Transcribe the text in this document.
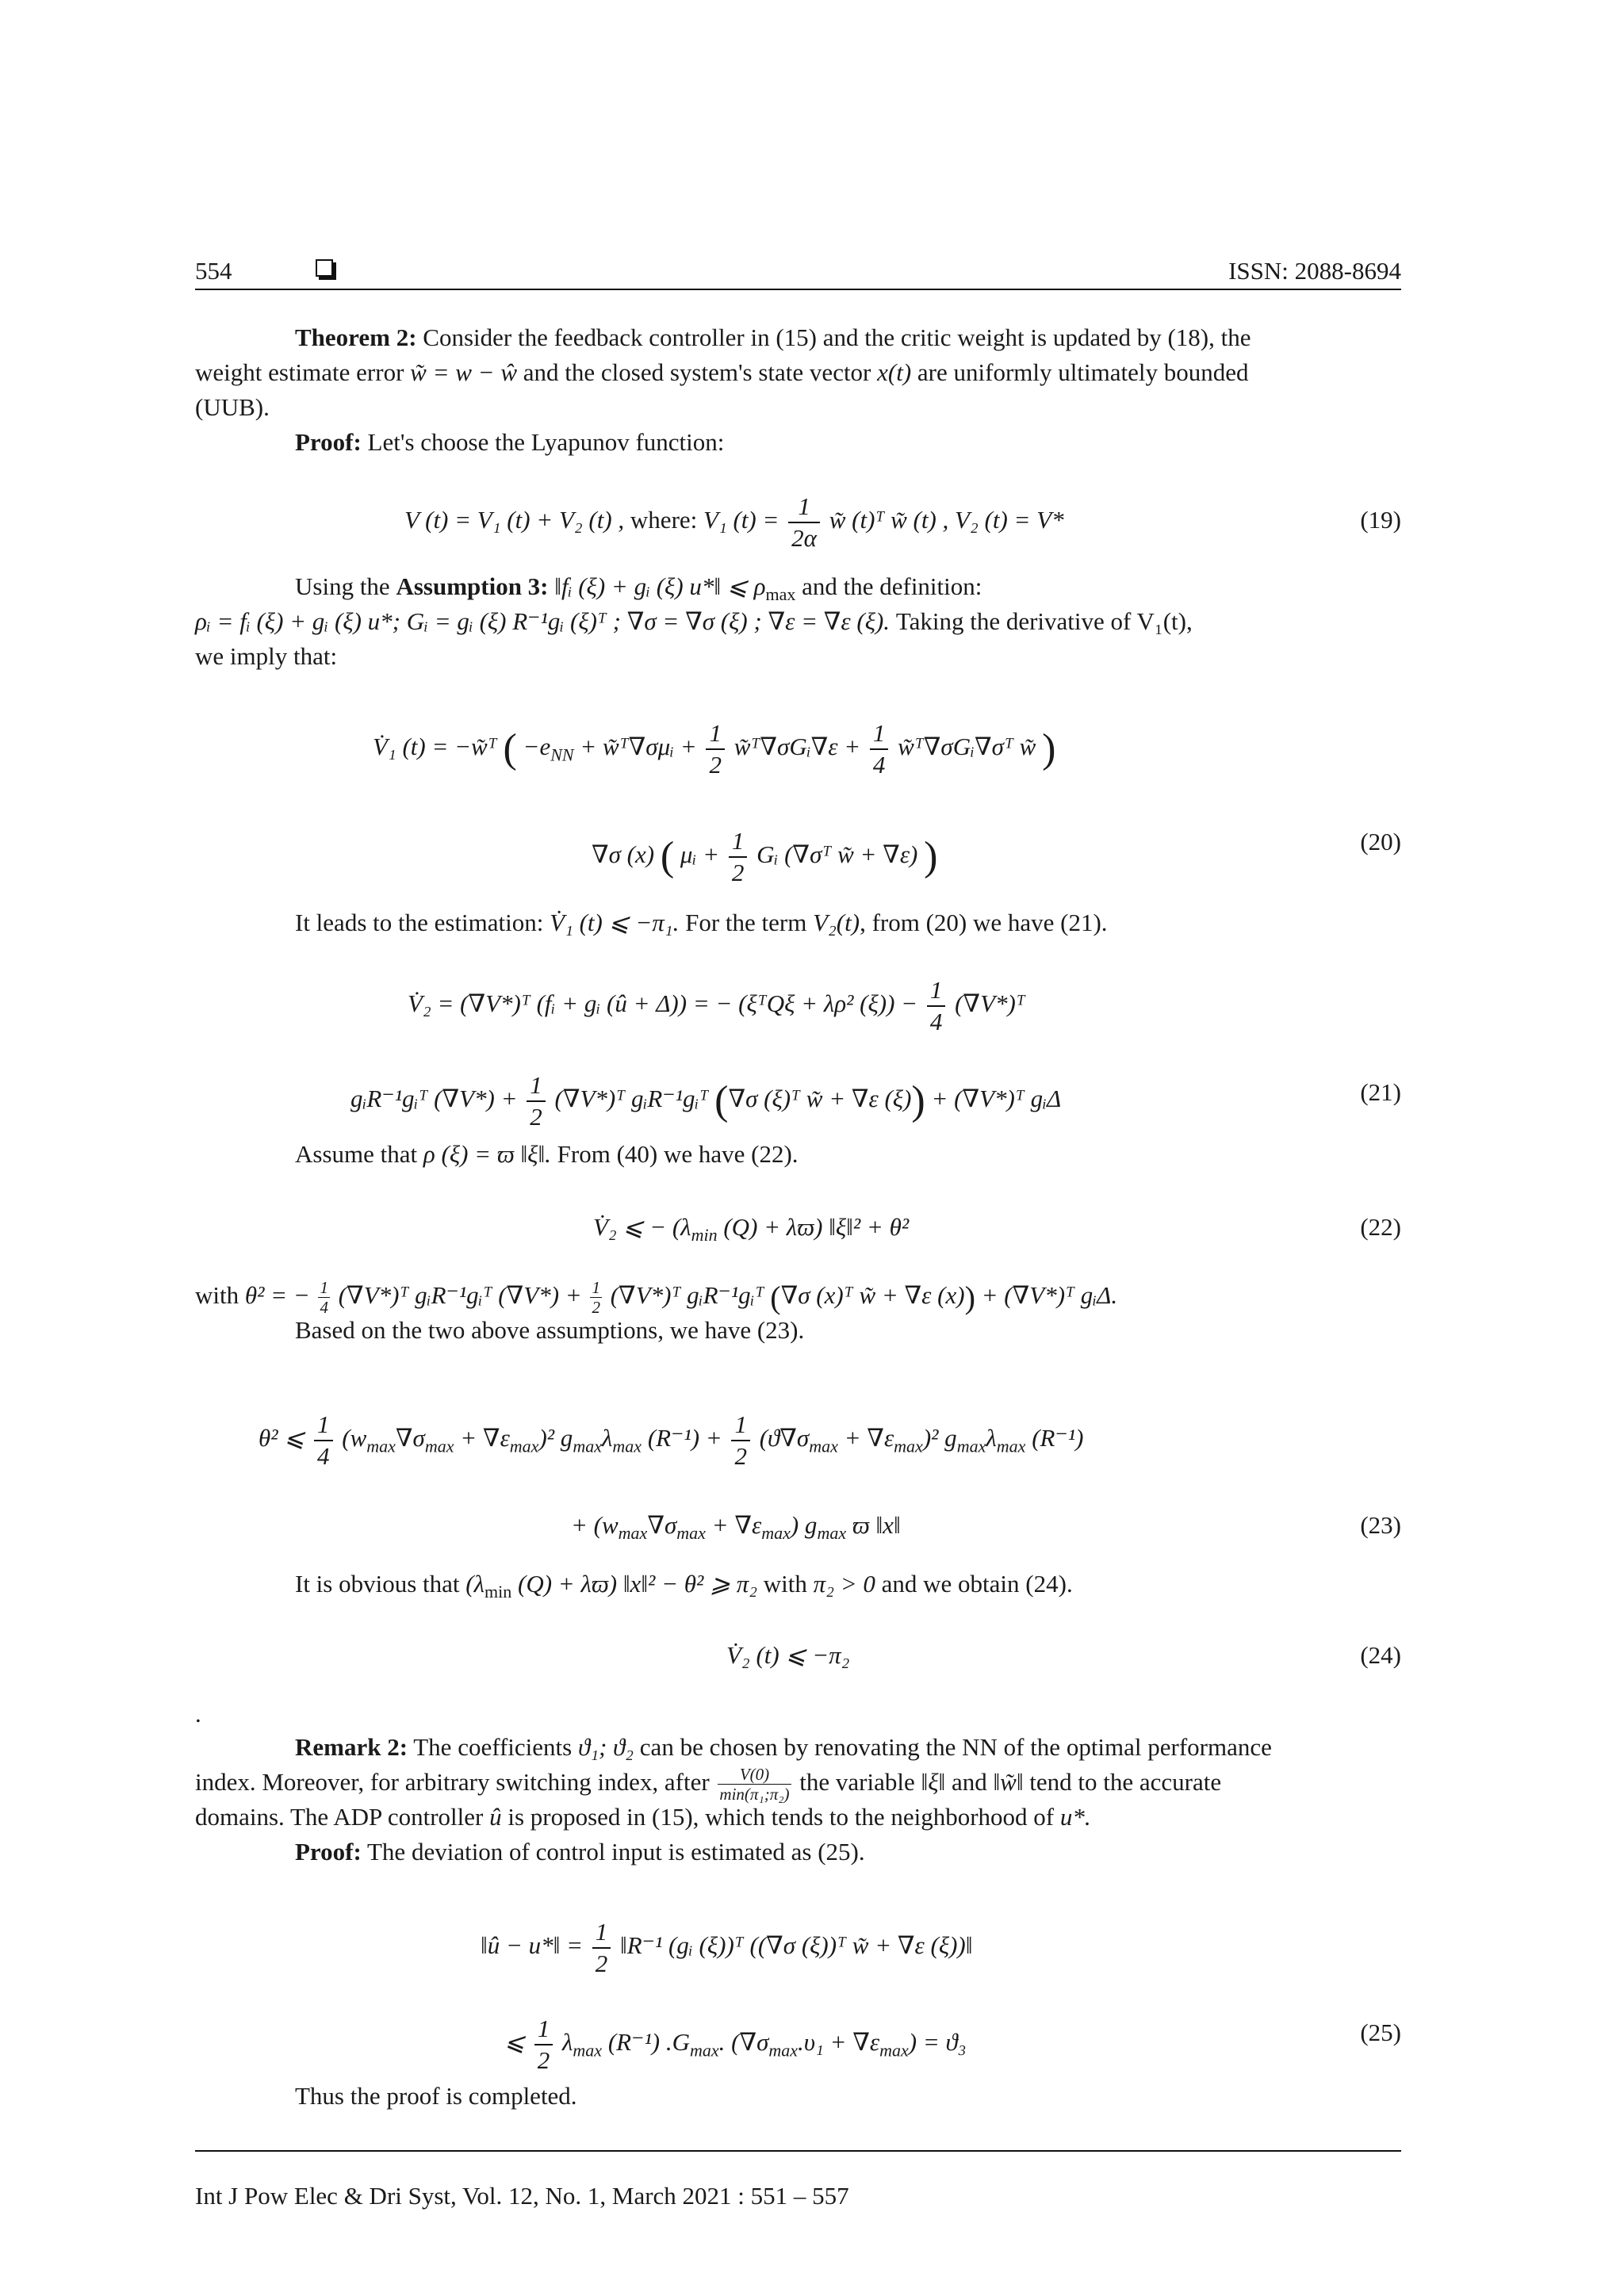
554	ISSN: 2088-8694
Theorem 2: Consider the feedback controller in (15) and the critic weight is updated by (18), the
weight estimate error w̃ = w − ŵ and the closed system's state vector x(t) are uniformly ultimately bounded
(UUB).
Proof: Let's choose the Lyapunov function:
V (t) = V₁ (t) + V₂ (t) , where: V₁ $(t) = \frac{1}{2\alpha}$ w̃ (t)ᵀ w̃ (t) , V₂ (t) = V*	(19)
Using the Assumption 3: ‖fᵢ (ξ) + gᵢ (ξ) u*‖ ⩽ $\rho_{max}$ and the definition:
ρᵢ = fᵢ (ξ) + gᵢ (ξ) u*; Gᵢ = gᵢ (ξ) R⁻¹gᵢ (ξ)ᵀ ; ∇σ = ∇σ (ξ) ; ∇ε = ∇ε (ξ). Taking the derivative of V₁(t),
we imply that:
V̇₁ (t) = −w̃ᵀ ( $-e_{NN}$ + w̃ᵀ∇σμᵢ + $\frac{1}{2}$ w̃ᵀ∇σGᵢ∇ε + $\frac{1}{4}$ w̃ᵀ∇σGᵢ∇σᵀ w̃ )
∇σ (x) ( μᵢ + $\frac{1}{2}$ Gᵢ (∇σᵀ w̃ + ∇ε) )	(20)
It leads to the estimation: V̇₁ (t) ⩽ −π₁. For the term V₂(t), from (20) we have (21).
V̇₂ = (∇V*)ᵀ (fᵢ + gᵢ (û + Δ)) = − (ξᵀQξ + λρ² $(\xi)) - \frac{1}{4}$ (∇V*)ᵀ
gᵢR⁻¹gᵢᵀ $(\nabla V*) + \frac{1}{2}$ (∇V*)ᵀ gᵢR⁻¹gᵢᵀ (∇σ (ξ)ᵀ w̃ + ∇ε (ξ)) + (∇V*)ᵀ gᵢΔ	(21)
Assume that ρ (ξ) = ϖ ‖ξ‖. From (40) we have (22).
V̇₂ ⩽ − ($\lambda_{min}$ (Q) + λϖ) ‖ξ‖² + θ²	(22)
with θ² = − $\frac{1}{4}$ (∇V*)ᵀ gᵢR⁻¹gᵢᵀ $(\nabla V*) + \frac{1}{2}$ (∇V*)ᵀ gᵢR⁻¹gᵢᵀ (∇σ (x)ᵀ w̃ + ∇ε (x)) + (∇V*)ᵀ gᵢΔ.
Based on the two above assumptions, we have (23).
θ² ⩽ $\frac{1}{4} (w_{max}\nabla\sigma_{max} + \nabla\varepsilon_{max})^2$ $g_{max}\lambda_{max}$ $(R^{-1}) + \frac{1}{2} (ϑ\nabla\sigma_{max} + \nabla\varepsilon_{max})^2$ $g_{max}\lambda_{max}$ (R⁻¹)
+ $(w_{max}\nabla\sigma_{max} + \nabla\varepsilon_{max})$ $g_{max}$ ϖ ‖x‖	(23)
It is obvious that ($\lambda_{min}$ (Q) + λϖ) ‖x‖² − θ² ⩾ π₂ with π₂ > 0 and we obtain (24).
V̇₂ (t) ⩽ −π₂	(24)
.
Remark 2: The coefficients ϑ₁; ϑ₂ can be chosen by renovating the NN of the optimal performance
index. Moreover, for arbitrary switching index, after	V(0)
min(π₁;π₂) the variable ‖ξ‖ and ‖w̃‖ tend to the accurate
domains. The ADP controller û is proposed in (15), which tends to the neighborhood of u*.
Proof: The deviation of control input is estimated as (25).
‖û − u*‖ = $\frac{1}{2}$ ‖R⁻¹ (gᵢ (ξ))ᵀ ((∇σ (ξ))ᵀ w̃ + ∇ε (ξ))‖
⩽ $\frac{1}{2} \lambda_{max}$ (R⁻¹) $.G_{max}$. $(\nabla\sigma_{max}.\upsilon_1 + \nabla\varepsilon_{max}) = ϑ_3$	(25)
Thus the proof is completed.
Int J Pow Elec & Dri Syst, Vol. 12, No. 1, March 2021 : 551 – 557
